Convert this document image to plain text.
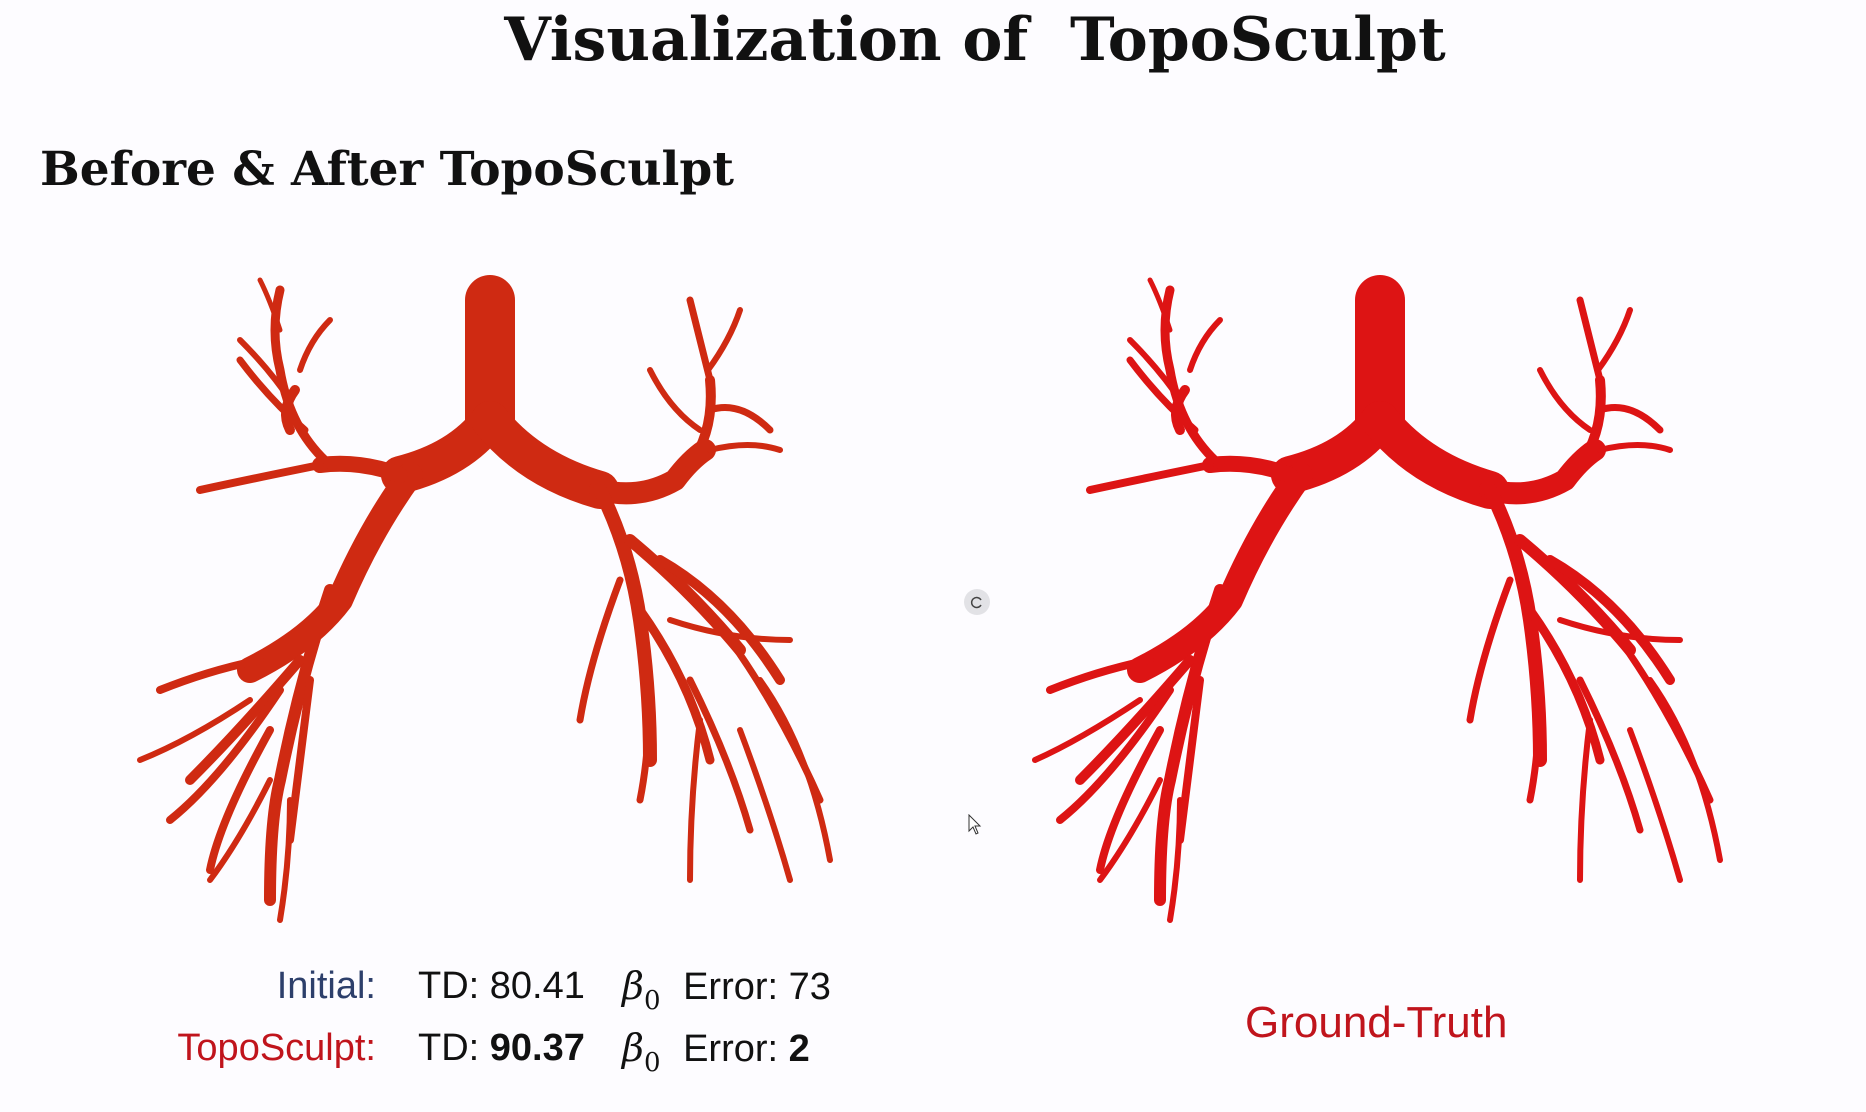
Visualization of  TopoSculpt
Before & After TopoSculpt
Initial: TD: 80.41 $\beta_0$ Error: 73
TopoSculpt: TD: 90.37 $\beta_0$ Error: 2
Ground-Truth
